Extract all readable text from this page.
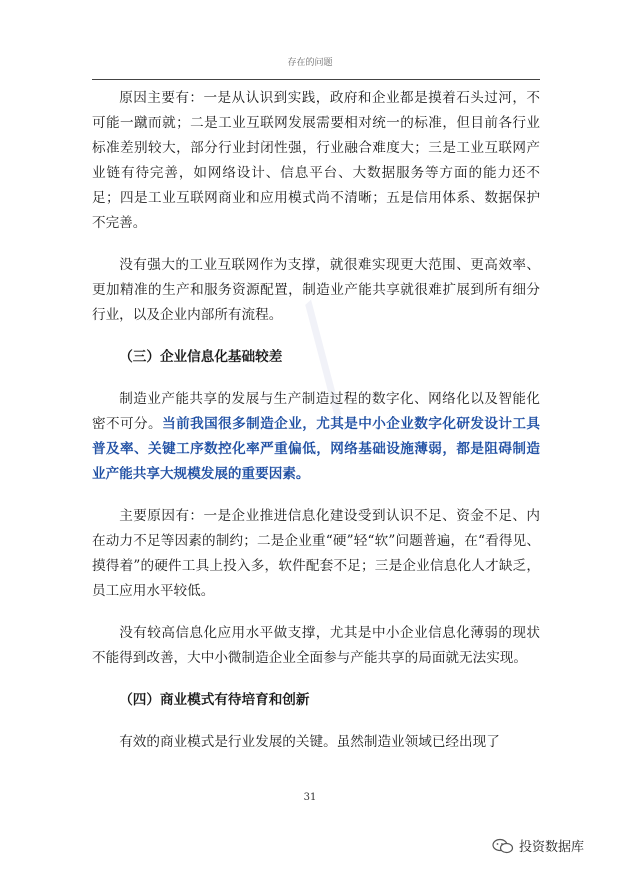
存在的问题
╱

原因主要有：一是从认识到实践，政府和企业都是摸着石头过河，不可能一蹴而就；二是工业互联网发展需要相对统一的标准，但目前各行业标准差别较大，部分行业封闭性强，行业融合难度大；三是工业互联网产业链有待完善，如网络设计、信息平台、大数据服务等方面的能力还不足；四是工业互联网商业和应用模式尚不清晰；五是信用体系、数据保护不完善。

没有强大的工业互联网作为支撑，就很难实现更大范围、更高效率、更加精准的生产和服务资源配置，制造业产能共享就很难扩展到所有细分行业，以及企业内部所有流程。

（三）企业信息化基础较差

制造业产能共享的发展与生产制造过程的数字化、网络化以及智能化密不可分。当前我国很多制造企业，尤其是中小企业数字化研发设计工具普及率、关键工序数控化率严重偏低，网络基础设施薄弱，都是阻碍制造业产能共享大规模发展的重要因素。

主要原因有：一是企业推进信息化建设受到认识不足、资金不足、内在动力不足等因素的制约；二是企业重“硬”轻“软”问题普遍，在“看得见、摸得着”的硬件工具上投入多，软件配套不足；三是企业信息化人才缺乏，员工应用水平较低。

没有较高信息化应用水平做支撑，尤其是中小企业信息化薄弱的现状不能得到改善，大中小微制造企业全面参与产能共享的局面就无法实现。

（四）商业模式有待培育和创新

有效的商业模式是行业发展的关键。虽然制造业领域已经出现了

31
投资数据库
